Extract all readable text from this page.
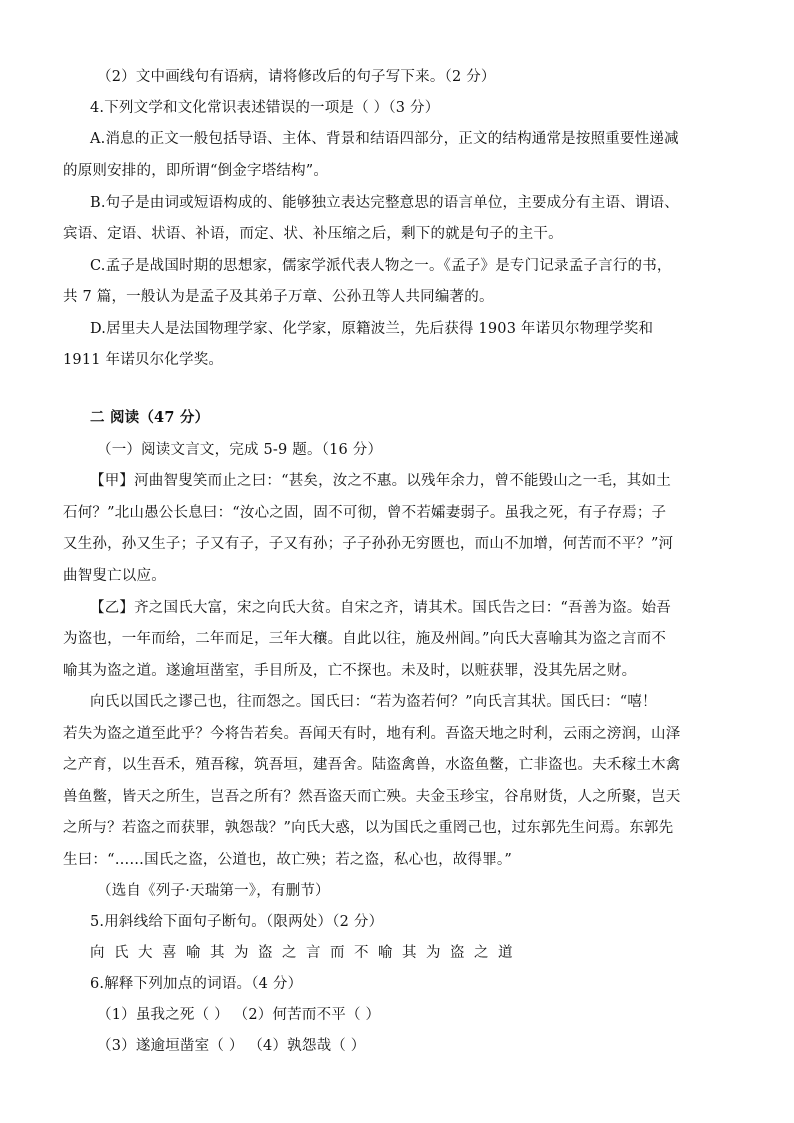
（2）文中画线句有语病，请将修改后的句子写下来。（2 分）
4.下列文学和文化常识表述错误的一项是（ ）（3 分）
A.消息的正文一般包括导语、主体、背景和结语四部分，正文的结构通常是按照重要性递减
的原则安排的，即所谓“倒金字塔结构”。
B.句子是由词或短语构成的、能够独立表达完整意思的语言单位，主要成分有主语、谓语、
宾语、定语、状语、补语，而定、状、补压缩之后，剩下的就是句子的主干。
C.孟子是战国时期的思想家，儒家学派代表人物之一。《孟子》是专门记录孟子言行的书，
共 7 篇，一般认为是孟子及其弟子万章、公孙丑等人共同编著的。
D.居里夫人是法国物理学家、化学家，原籍波兰，先后获得 1903 年诺贝尔物理学奖和
1911 年诺贝尔化学奖。
二 阅读（47 分）
（一）阅读文言文，完成 5-9 题。（16 分）
【甲】河曲智叟笑而止之曰：“甚矣，汝之不惠。以残年余力，曾不能毁山之一毛，其如土
石何？”北山愚公长息曰：“汝心之固，固不可彻，曾不若孀妻弱子。虽我之死，有子存焉；子
又生孙，孙又生子；子又有子，子又有孙；子子孙孙无穷匮也，而山不加增，何苦而不平？”河
曲智叟亡以应。
【乙】齐之国氏大富，宋之向氏大贫。自宋之齐，请其术。国氏告之曰：“吾善为盗。始吾
为盗也，一年而给，二年而足，三年大穰。自此以往，施及州闾。”向氏大喜喻其为盗之言而不
喻其为盗之道。遂逾垣凿室，手目所及，亡不探也。未及时，以赃获罪，没其先居之财。
向氏以国氏之谬己也，往而怨之。国氏曰：“若为盗若何？”向氏言其状。国氏曰：“嘻！
若失为盗之道至此乎？今将告若矣。吾闻天有时，地有利。吾盗天地之时利，云雨之滂润，山泽
之产育，以生吾禾，殖吾稼，筑吾垣，建吾舍。陆盗禽兽，水盗鱼鳖，亡非盗也。夫禾稼土木禽
兽鱼鳖，皆天之所生，岂吾之所有？然吾盗天而亡殃。夫金玉珍宝，谷帛财货，人之所聚，岂天
之所与？若盗之而获罪，孰怨哉？”向氏大惑，以为国氏之重罔己也，过东郭先生问焉。东郭先
生曰：“……国氏之盗，公道也，故亡殃；若之盗，私心也，故得罪。”
（选自《列子·天瑞第一》，有删节）
5.用斜线给下面句子断句。（限两处）（2 分）
向氏大喜喻其为盗之言而不喻其为盗之道
6.解释下列加点的词语。（4 分）
（1）虽我之死（ ） （2）何苦而不平（ ）
（3）遂逾垣凿室（ ） （4）孰怨哉（ ）
